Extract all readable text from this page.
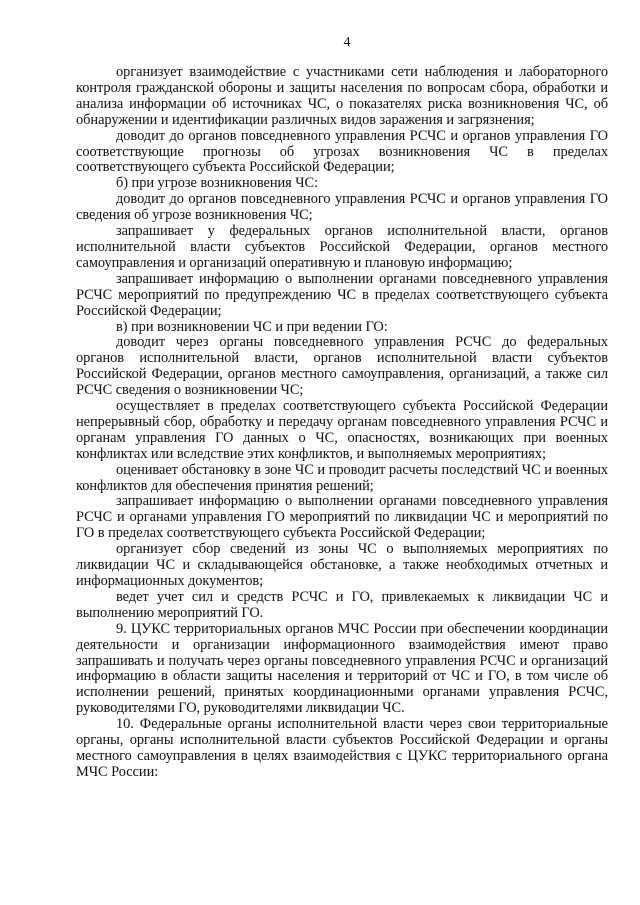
4

организует взаимодействие с участниками сети наблюдения и лабораторного контроля гражданской обороны и защиты населения по вопросам сбора, обработки и анализа информации об источниках ЧС, о показателях риска возникновения ЧС, об обнаружении и идентификации различных видов заражения и загрязнения;

доводит до органов повседневного управления РСЧС и органов управления ГО соответствующие прогнозы об угрозах возникновения ЧС в пределах соответствующего субъекта Российской Федерации;

б) при угрозе возникновения ЧС:

доводит до органов повседневного управления РСЧС и органов управления ГО сведения об угрозе возникновения ЧС;

запрашивает у федеральных органов исполнительной власти, органов исполнительной власти субъектов Российской Федерации, органов местного самоуправления и организаций оперативную и плановую информацию;

запрашивает информацию о выполнении органами повседневного управления РСЧС мероприятий по предупреждению ЧС в пределах соответствующего субъекта Российской Федерации;

в) при возникновении ЧС и при ведении ГО:

доводит через органы повседневного управления РСЧС до федеральных органов исполнительной власти, органов исполнительной власти субъектов Российской Федерации, органов местного самоуправления, организаций, а также сил РСЧС сведения о возникновении ЧС;

осуществляет в пределах соответствующего субъекта Российской Федерации непрерывный сбор, обработку и передачу органам повседневного управления РСЧС и органам управления ГО данных о ЧС, опасностях, возникающих при военных конфликтах или вследствие этих конфликтов, и выполняемых мероприятиях;

оценивает обстановку в зоне ЧС и проводит расчеты последствий ЧС и военных конфликтов для обеспечения принятия решений;

запрашивает информацию о выполнении органами повседневного управления РСЧС и органами управления ГО мероприятий по ликвидации ЧС и мероприятий по ГО в пределах соответствующего субъекта Российской Федерации;

организует сбор сведений из зоны ЧС о выполняемых мероприятиях по ликвидации ЧС и складывающейся обстановке, а также необходимых отчетных и информационных документов;

ведет учет сил и средств РСЧС и ГО, привлекаемых к ликвидации ЧС и выполнению мероприятий ГО.

9. ЦУКС территориальных органов МЧС России при обеспечении координации деятельности и организации информационного взаимодействия имеют право запрашивать и получать через органы повседневного управления РСЧС и организаций информацию в области защиты населения и территорий от ЧС и ГО, в том числе об исполнении решений, принятых координационными органами управления РСЧС, руководителями ГО, руководителями ликвидации ЧС.

10. Федеральные органы исполнительной власти через свои территориальные органы, органы исполнительной власти субъектов Российской Федерации и органы местного самоуправления в целях взаимодействия с ЦУКС территориального органа МЧС России:
